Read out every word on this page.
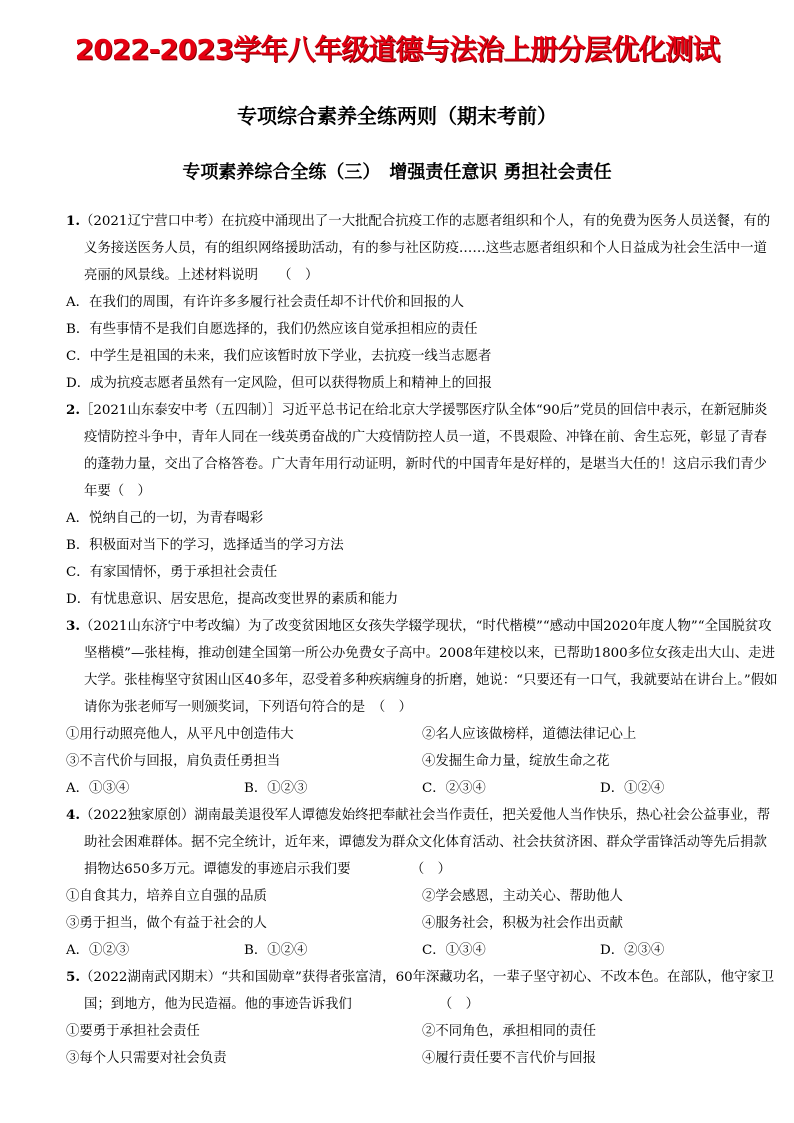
2022-2023学年八年级道德与法治上册分层优化测试
专项综合素养全练两则（期末考前）
专项素养综合全练（三）　增强责任意识 勇担社会责任
1.（2021辽宁营口中考）在抗疫中涌现出了一大批配合抗疫工作的志愿者组织和个人，有的免费为医务人员送餐，有的义务接送医务人员，有的组织网络援助活动，有的参与社区防疫……这些志愿者组织和个人日益成为社会生活中一道亮丽的风景线。上述材料说明　　（　）
A．在我们的周围，有许许多多履行社会责任却不计代价和回报的人
B．有些事情不是我们自愿选择的，我们仍然应该自觉承担相应的责任
C．中学生是祖国的未来，我们应该暂时放下学业，去抗疫一线当志愿者
D．成为抗疫志愿者虽然有一定风险，但可以获得物质上和精神上的回报
2.［2021山东泰安中考（五四制）］习近平总书记在给北京大学援鄂医疗队全体“90后”党员的回信中表示，在新冠肺炎疫情防控斗争中，青年人同在一线英勇奋战的广大疫情防控人员一道，不畏艰险、冲锋在前、舍生忘死，彰显了青春的蓬勃力量，交出了合格答卷。广大青年用行动证明，新时代的中国青年是好样的，是堪当大任的！这启示我们青少年要（　）
A．悦纳自己的一切，为青春喝彩
B．积极面对当下的学习，选择适当的学习方法
C．有家国情怀，勇于承担社会责任
D．有忧患意识、居安思危，提高改变世界的素质和能力
3.（2021山东济宁中考改编）为了改变贫困地区女孩失学辍学现状，“时代楷模”“感动中国2020年度人物”“全国脱贫攻坚楷模”—张桂梅，推动创建全国第一所公办免费女子高中。2008年建校以来，已帮助1800多位女孩走出大山、走进大学。张桂梅坚守贫困山区40多年，忍受着多种疾病缠身的折磨，她说：“只要还有一口气，我就要站在讲台上。”假如请你为张老师写一则颁奖词，下列语句符合的是　（　）
①用行动照亮他人，从平凡中创造伟大	②名人应该做榜样，道德法律记心上
③不言代价与回报，肩负责任勇担当	④发掘生命力量，绽放生命之花
A．①③④	B．①②③	C．②③④	D．①②④
4.（2022独家原创）湖南最美退役军人谭德发始终把奉献社会当作责任，把关爱他人当作快乐，热心社会公益事业，帮助社会困难群体。据不完全统计，近年来，谭德发为群众文化体育活动、社会扶贫济困、群众学雷锋活动等先后捐款捐物达650多万元。谭德发的事迹启示我们要　　　　　（　）
①自食其力，培养自立自强的品质	②学会感恩，主动关心、帮助他人
③勇于担当，做个有益于社会的人	④服务社会，积极为社会作出贡献
A．①②③	B．①②④	C．①③④	D．②③④
5.（2022湖南武冈期末）“共和国勋章”获得者张富清，60年深藏功名，一辈子坚守初心、不改本色。在部队，他守家卫国；到地方，他为民造福。他的事迹告诉我们　　　　　　　（　）
①要勇于承担社会责任	②不同角色，承担相同的责任
③每个人只需要对社会负责	④履行责任要不言代价与回报
